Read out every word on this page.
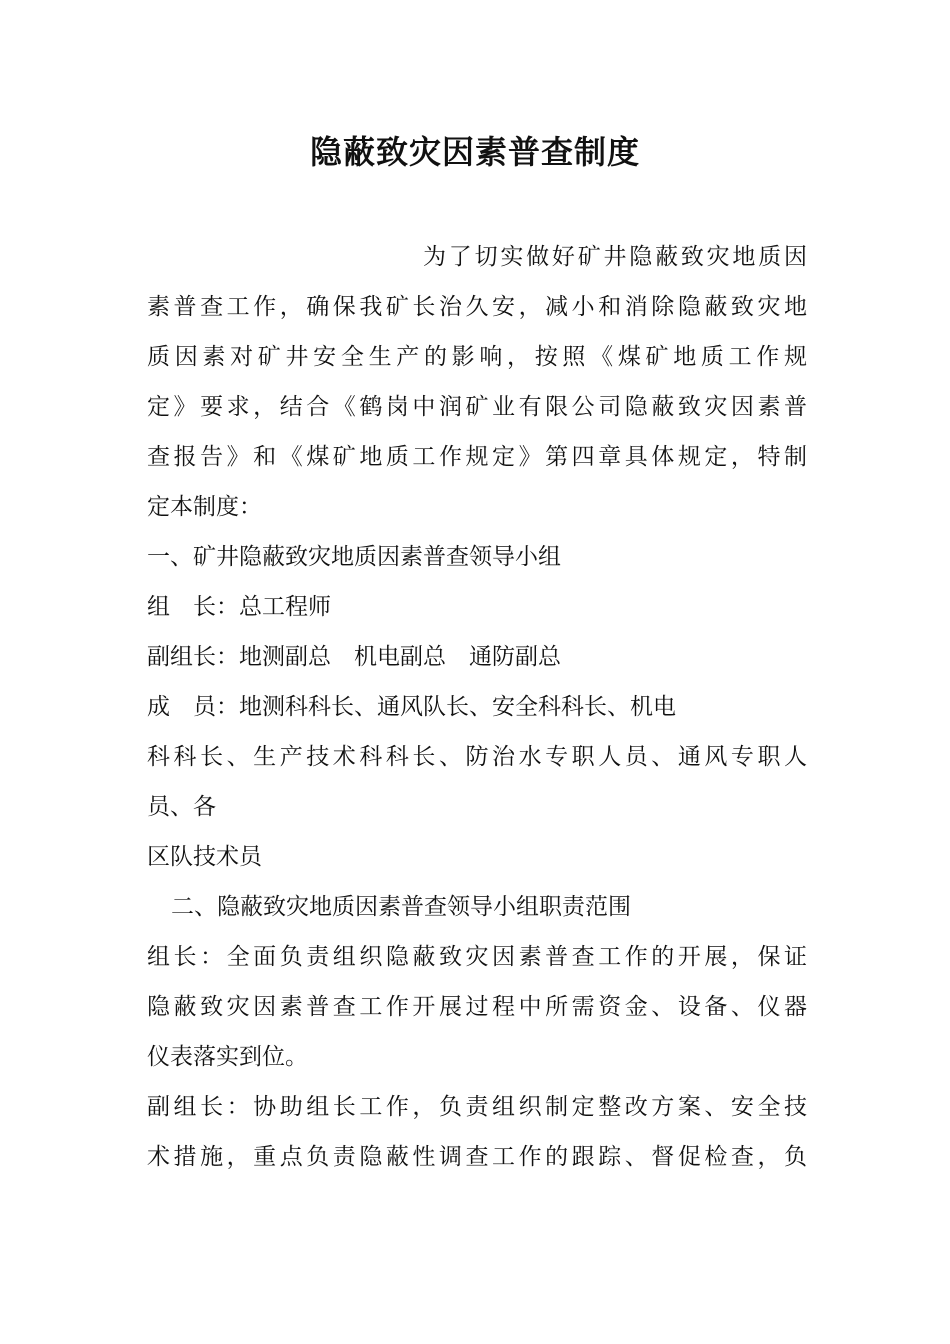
隐蔽致灾因素普查制度
为了切实做好矿井隐蔽致灾地质因
素普查工作，确保我矿长治久安，减小和消除隐蔽致灾地
质因素对矿井安全生产的影响，按照《煤矿地质工作规
定》要求，结合《鹤岗中润矿业有限公司隐蔽致灾因素普
查报告》和《煤矿地质工作规定》第四章具体规定，特制
定本制度：
一、矿井隐蔽致灾地质因素普查领导小组
组　长：总工程师
副组长：地测副总　机电副总　通防副总
成　员：地测科科长、通风队长、安全科科长、机电
科科长、生产技术科科长、防治水专职人员、通风专职人
员、各
区队技术员
二、隐蔽致灾地质因素普查领导小组职责范围
组长：全面负责组织隐蔽致灾因素普查工作的开展，保证
隐蔽致灾因素普查工作开展过程中所需资金、设备、仪器
仪表落实到位。
副组长：协助组长工作，负责组织制定整改方案、安全技
术措施，重点负责隐蔽性调查工作的跟踪、督促检查，负
